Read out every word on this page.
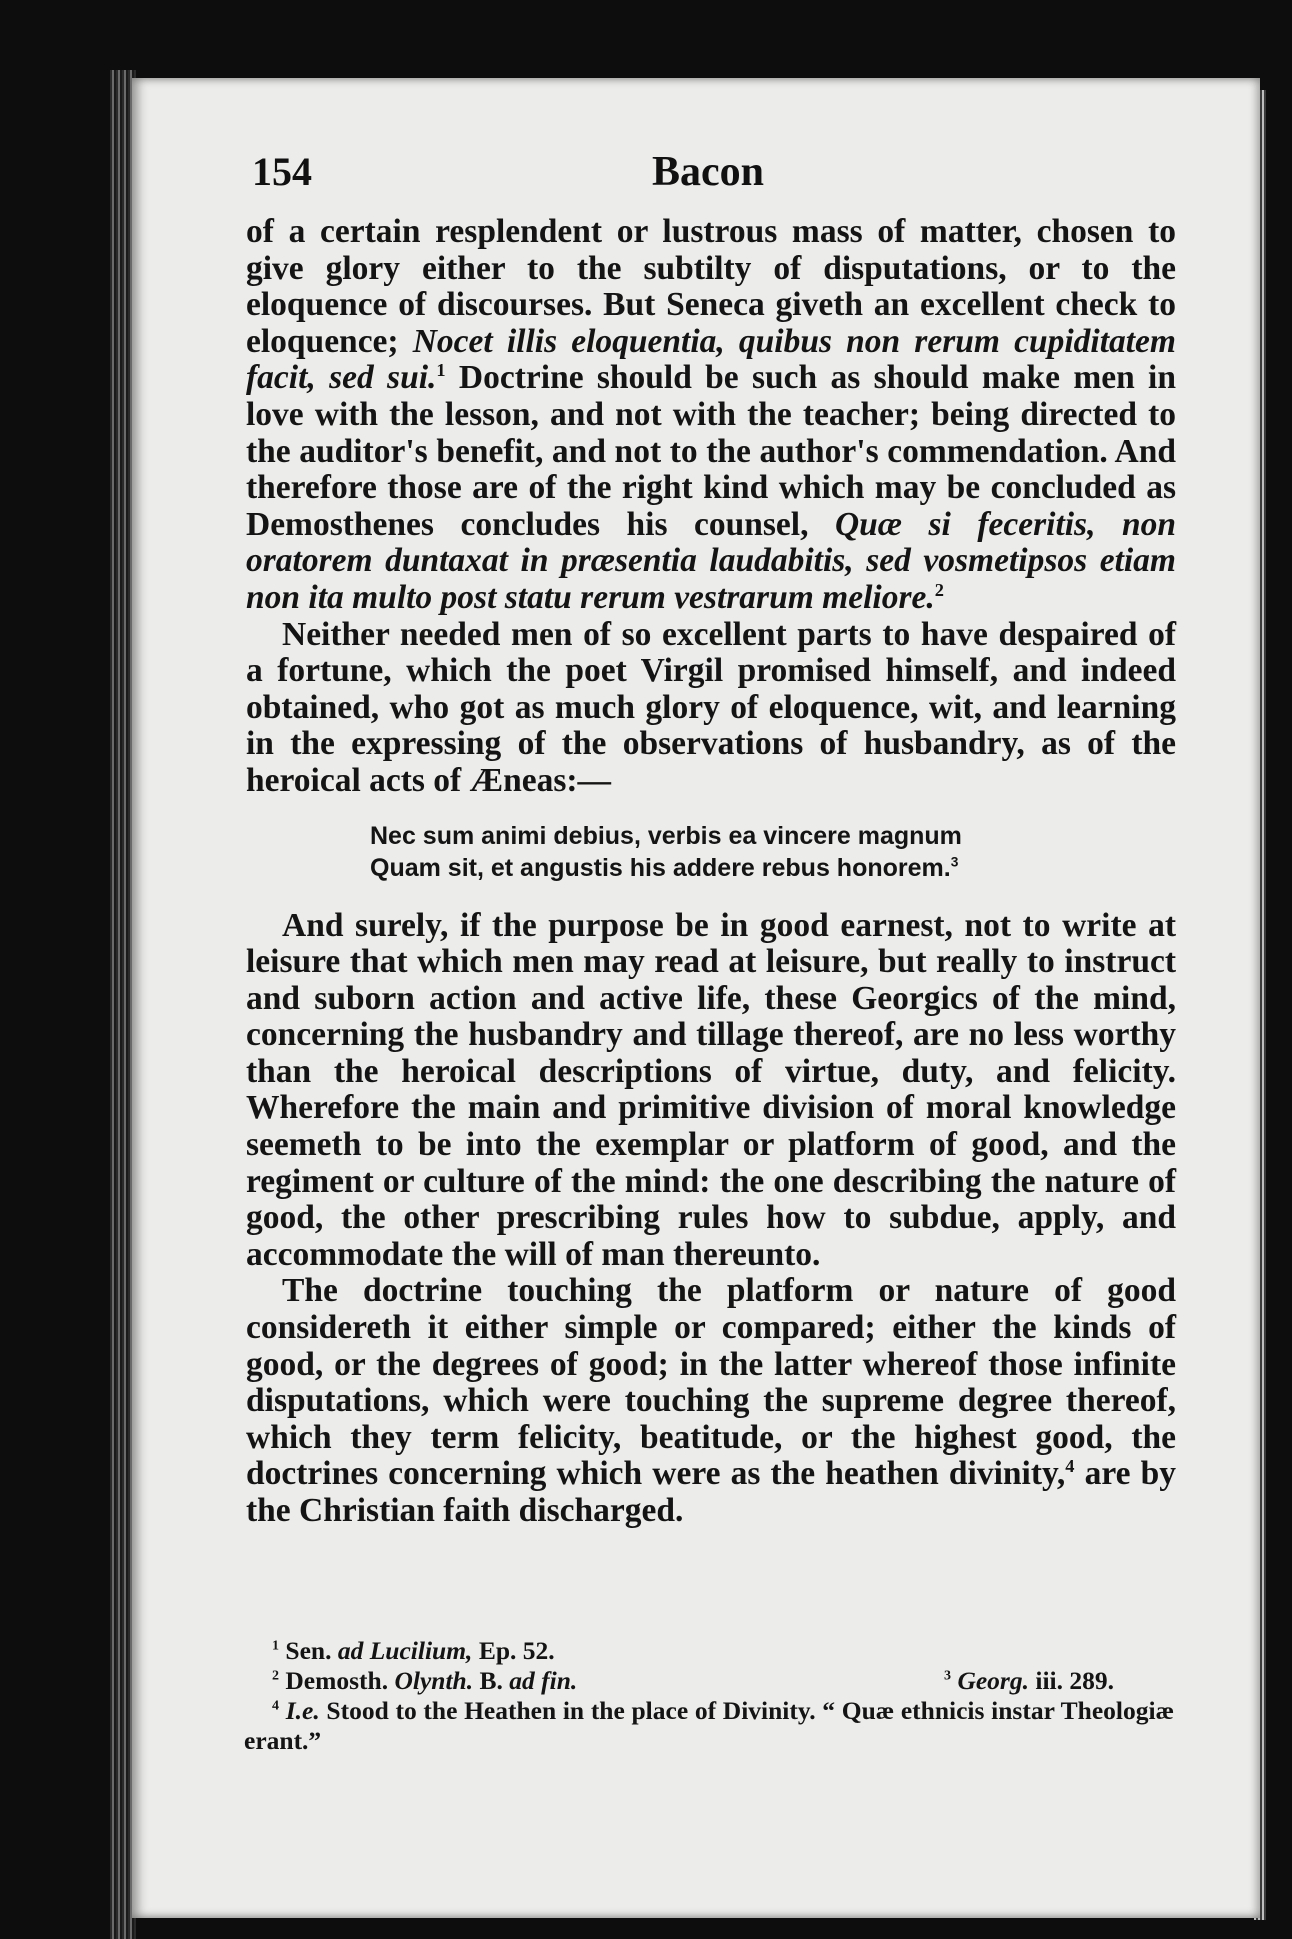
154	Bacon

of a certain resplendent or lustrous mass of matter, chosen to give glory either to the subtilty of disputations, or to the eloquence of discourses. But Seneca giveth an excellent check to eloquence; Nocet illis eloquentia, quibus non rerum cupiditatem facit, sed sui.$^1$ Doctrine should be such as should make men in love with the lesson, and not with the teacher; being directed to the auditor's benefit, and not to the author's commendation. And therefore those are of the right kind which may be concluded as Demosthenes concludes his counsel, Quæ si feceritis, non oratorem duntaxat in præsentia laudabitis, sed vosmetipsos etiam non ita multo post statu rerum vestrarum meliore.$^2$

Neither needed men of so excellent parts to have despaired of a fortune, which the poet Virgil promised himself, and indeed obtained, who got as much glory of eloquence, wit, and learning in the expressing of the observations of husbandry, as of the heroical acts of Æneas:—

Nec sum animi debius, verbis ea vincere magnum
Quam sit, et angustis his addere rebus honorem.$^3$

And surely, if the purpose be in good earnest, not to write at leisure that which men may read at leisure, but really to instruct and suborn action and active life, these Georgics of the mind, concerning the husbandry and tillage thereof, are no less worthy than the heroical descriptions of virtue, duty, and felicity. Wherefore the main and primitive division of moral knowledge seemeth to be into the exemplar or platform of good, and the regiment or culture of the mind: the one describing the nature of good, the other prescribing rules how to subdue, apply, and accommodate the will of man thereunto.

The doctrine touching the platform or nature of good considereth it either simple or compared; either the kinds of good, or the degrees of good; in the latter whereof those infinite disputations, which were touching the supreme degree thereof, which they term felicity, beatitude, or the highest good, the doctrines concerning which were as the heathen divinity,$^4$ are by the Christian faith discharged.

$^1$ Sen. ad Lucilium, Ep. 52.

$^2$ Demosth. Olynth. B. ad fin.	$^3$ Georg. iii. 289.

$^4$ I.e. Stood to the Heathen in the place of Divinity. “ Quæ ethnicis instar Theologiæ erant.”
